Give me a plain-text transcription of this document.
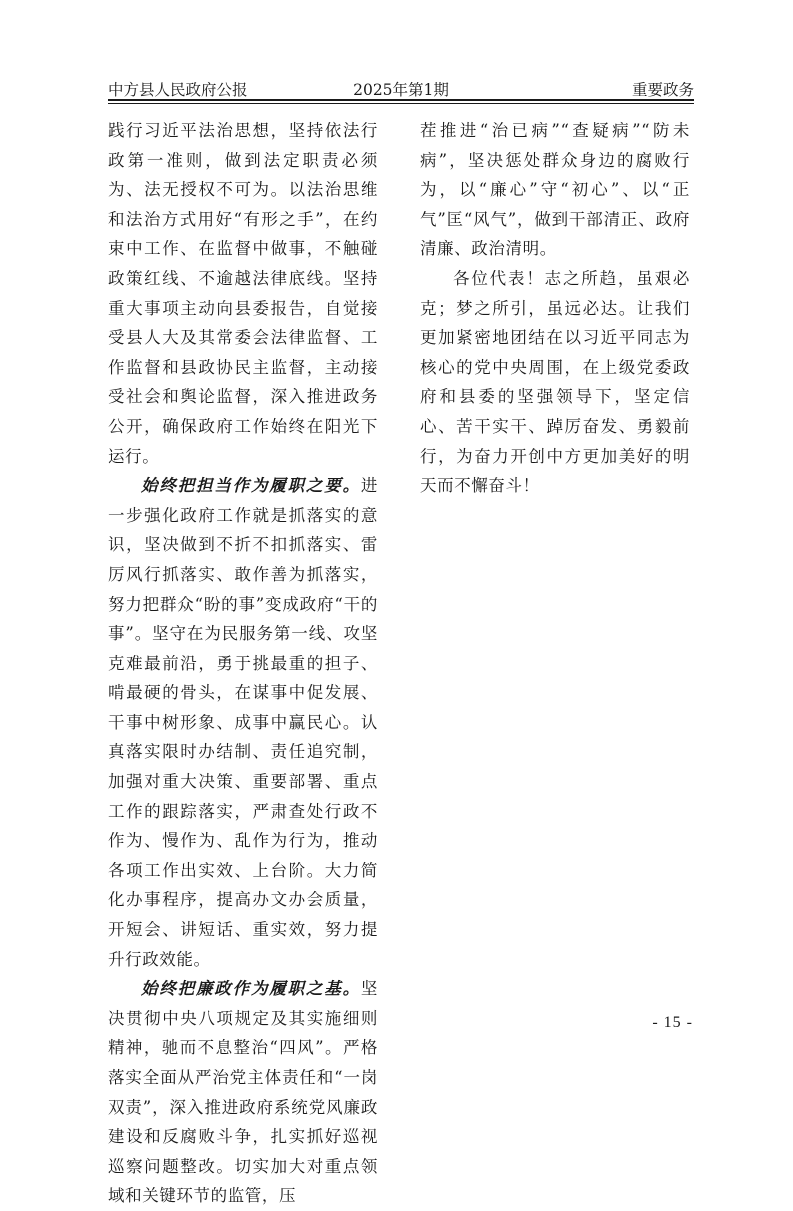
中方县人民政府公报	2025年第1期	重要政务

践行习近平法治思想，坚持依法行政第一准则，做到法定职责必须为、法无授权不可为。以法治思维和法治方式用好“有形之手”，在约束中工作、在监督中做事，不触碰政策红线、不逾越法律底线。坚持重大事项主动向县委报告，自觉接受县人大及其常委会法律监督、工作监督和县政协民主监督，主动接受社会和舆论监督，深入推进政务公开，确保政府工作始终在阳光下运行。

始终把担当作为履职之要。进一步强化政府工作就是抓落实的意识，坚决做到不折不扣抓落实、雷厉风行抓落实、敢作善为抓落实，努力把群众“盼的事”变成政府“干的事”。坚守在为民服务第一线、攻坚克难最前沿，勇于挑最重的担子、啃最硬的骨头，在谋事中促发展、干事中树形象、成事中赢民心。认真落实限时办结制、责任追究制，加强对重大决策、重要部署、重点工作的跟踪落实，严肃查处行政不作为、慢作为、乱作为行为，推动各项工作出实效、上台阶。大力简化办事程序，提高办文办会质量，开短会、讲短话、重实效，努力提升行政效能。

始终把廉政作为履职之基。坚决贯彻中央八项规定及其实施细则精神，驰而不息整治“四风”。严格落实全面从严治党主体责任和“一岗双责”，深入推进政府系统党风廉政建设和反腐败斗争，扎实抓好巡视巡察问题整改。切实加大对重点领域和关键环节的监管，压

茬推进“治已病”“查疑病”“防未病”，坚决惩处群众身边的腐败行为，以“廉心”守“初心”、以“正气”匡“风气”，做到干部清正、政府清廉、政治清明。

各位代表！志之所趋，虽艰必克；梦之所引，虽远必达。让我们更加紧密地团结在以习近平同志为核心的党中央周围，在上级党委政府和县委的坚强领导下，坚定信心、苦干实干、踔厉奋发、勇毅前行，为奋力开创中方更加美好的明天而不懈奋斗！

- 15 -
